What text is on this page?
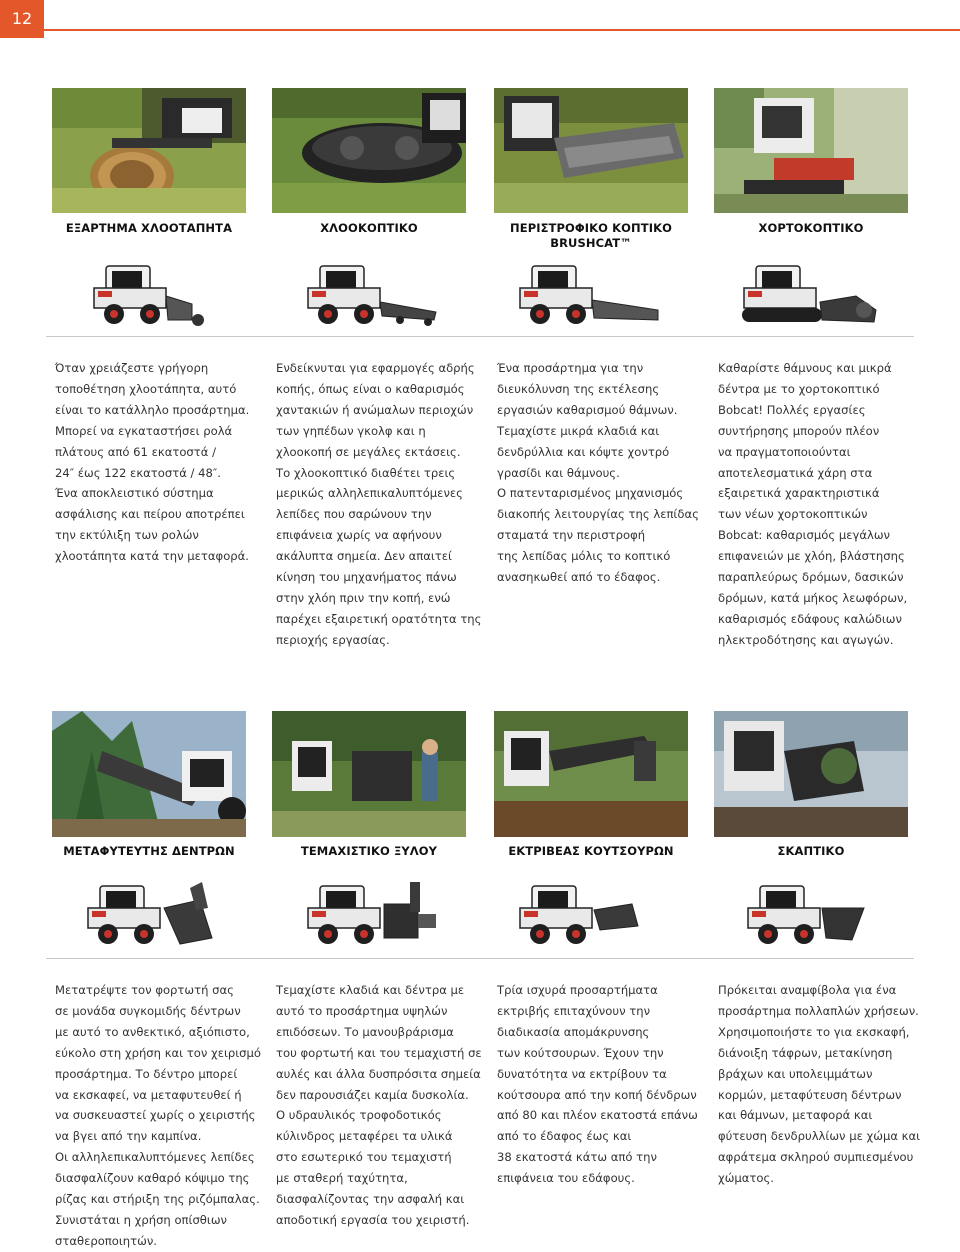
12
ΕΞΑΡΤΗΜΑ ΧΛΟΟΤΑΠΗΤΑ	ΧΛΟΟΚΟΠΤΙΚΟ	ΠΕΡΙΣΤΡΟΦΙΚΟ ΚΟΠΤΙΚΟ
BRUSHCAT™
ΧΟΡΤΟΚΟΠΤΙΚΟ
Όταν χρειάζεστε γρήγορη
τοποθέτηση χλοοτάπητα, αυτό
είναι το κατάλληλο προσάρτημα.
Μπορεί να εγκαταστήσει ρολά
πλάτους από 61 εκατοστά /
24″ έως 122 εκατοστά / 48″.
Ένα αποκλειστικό σύστημα
ασφάλισης και πείρου αποτρέπει
την εκτύλιξη των ρολών
χλοοτάπητα κατά την μεταφορά.
Ενδείκνυται για εφαρμογές αδρής
κοπής, όπως είναι ο καθαρισμός
χαντακιών ή ανώμαλων περιοχών
των γηπέδων γκολφ και η
χλοοκοπή σε μεγάλες εκτάσεις.
Το χλοοκοπτικό διαθέτει τρεις
μερικώς αλληλεπικαλυπτόμενες
λεπίδες που σαρώνουν την
επιφάνεια χωρίς να αφήνουν
ακάλυπτα σημεία. Δεν απαιτεί
κίνηση του μηχανήματος πάνω
στην χλόη πριν την κοπή, ενώ
παρέχει εξαιρετική ορατότητα της
περιοχής εργασίας.
Ένα προσάρτημα για την
διευκόλυνση της εκτέλεσης
εργασιών καθαρισμού θάμνων.
Τεμαχίστε μικρά κλαδιά και
δενδρύλλια και κόψτε χοντρό
γρασίδι και θάμνους.
Ο πατενταρισμένος μηχανισμός
διακοπής λειτουργίας της λεπίδας
σταματά την περιστροφή
της λεπίδας μόλις το κοπτικό
ανασηκωθεί από το έδαφος.
Καθαρίστε θάμνους και μικρά
δέντρα με το χορτοκοπτικό
Bobcat! Πολλές εργασίες
συντήρησης μπορούν πλέον
να πραγματοποιούνται
αποτελεσματικά χάρη στα
εξαιρετικά χαρακτηριστικά
των νέων χορτοκοπτικών
Bobcat: καθαρισμός μεγάλων
επιφανειών με χλόη, βλάστησης
παραπλεύρως δρόμων, δασικών
δρόμων, κατά μήκος λεωφόρων,
καθαρισμός εδάφους καλώδιων
ηλεκτροδότησης και αγωγών.
ΜΕΤΑΦΥΤΕΥΤΗΣ ΔΕΝΤΡΩΝ	ΤΕΜΑΧΙΣΤΙΚΟ ΞΥΛΟΥ	ΕΚΤΡΙΒΕΑΣ ΚΟΥΤΣΟΥΡΩΝ	ΣΚΑΠΤΙΚΟ
Μετατρέψτε τον φορτωτή σας
σε μονάδα συγκομιδής δέντρων
με αυτό το ανθεκτικό, αξιόπιστο,
εύκολο στη χρήση και τον χειρισμό
προσάρτημα. Το δέντρο μπορεί
να εκσκαφεί, να μεταφυτευθεί ή
να συσκευαστεί χωρίς ο χειριστής
να βγει από την καμπίνα.
Οι αλληλεπικαλυπτόμενες λεπίδες
διασφαλίζουν καθαρό κόψιμο της
ρίζας και στήριξη της ριζόμπαλας.
Συνιστάται η χρήση οπίσθιων
σταθεροποιητών.
Τεμαχίστε κλαδιά και δέντρα με
αυτό το προσάρτημα υψηλών
επιδόσεων. Το μανουβράρισμα
του φορτωτή και του τεμαχιστή σε
αυλές και άλλα δυσπρόσιτα σημεία
δεν παρουσιάζει καμία δυσκολία.
Ο υδραυλικός τροφοδοτικός
κύλινδρος μεταφέρει τα υλικά
στο εσωτερικό του τεμαχιστή
με σταθερή ταχύτητα,
διασφαλίζοντας την ασφαλή και
αποδοτική εργασία του χειριστή.
Τρία ισχυρά προσαρτήματα
εκτριβής επιταχύνουν την
διαδικασία απομάκρυνσης
των κούτσουρων. Έχουν την
δυνατότητα να εκτρίβουν τα
κούτσουρα από την κοπή δένδρων
από 80 και πλέον εκατοστά επάνω
από το έδαφος έως και
38 εκατοστά κάτω από την
επιφάνεια του εδάφους.
Πρόκειται αναμφίβολα για ένα
προσάρτημα πολλαπλών χρήσεων.
Χρησιμοποιήστε το για εκσκαφή,
διάνοιξη τάφρων, μετακίνηση
βράχων και υπολειμμάτων
κορμών, μεταφύτευση δέντρων
και θάμνων, μεταφορά και
φύτευση δενδρυλλίων με χώμα και
αφράτεμα σκληρού συμπιεσμένου
χώματος.
